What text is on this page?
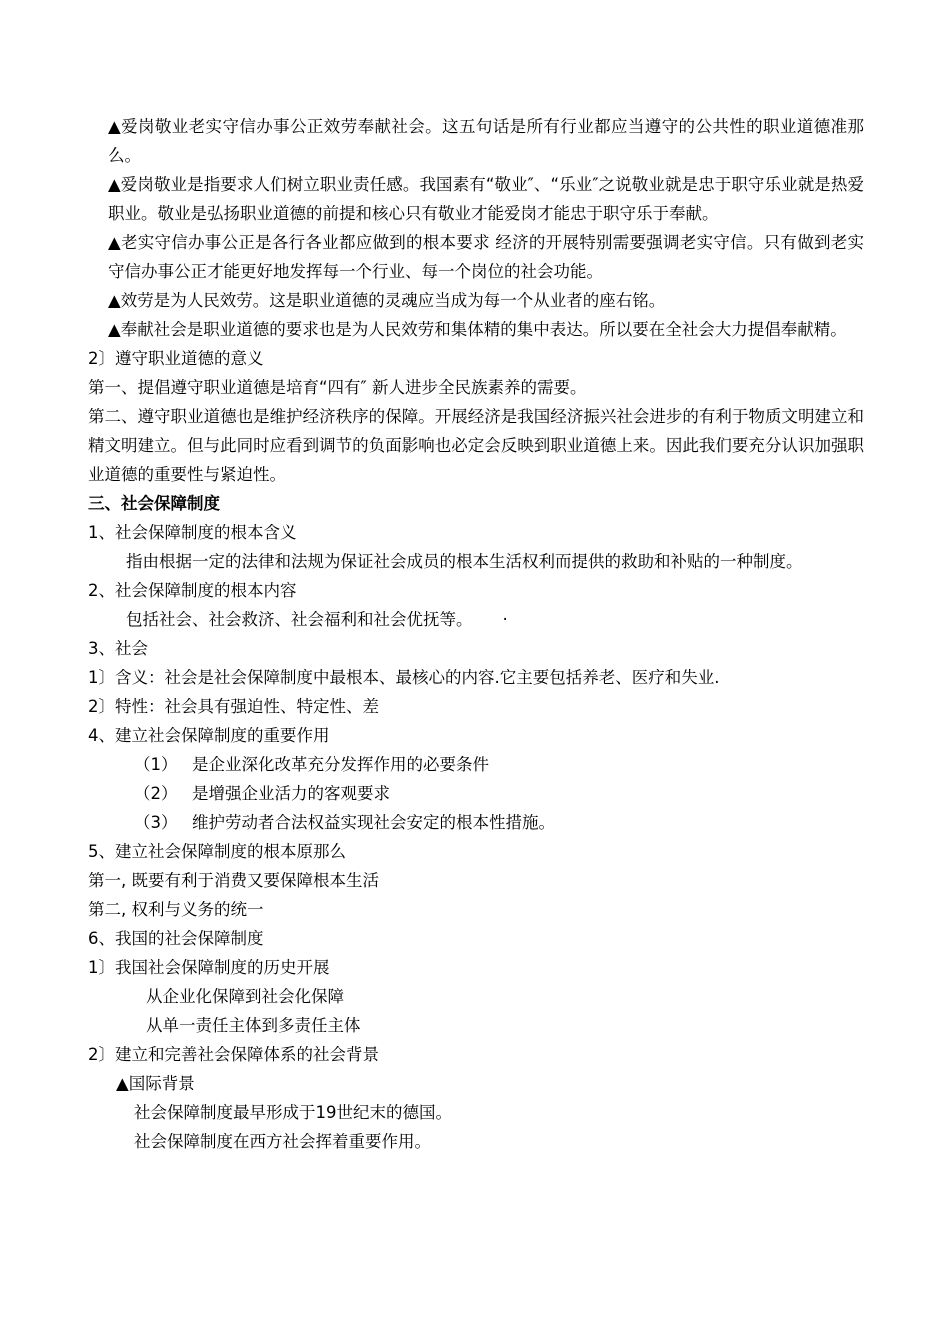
▲爱岗敬业老实守信办事公正效劳奉献社会。这五句话是所有行业都应当遵守的公共性的职业道德准那么。
▲爱岗敬业是指要求人们树立职业责任感。我国素有“敬业″、“乐业″之说敬业就是忠于职守乐业就是热爱职业。敬业是弘扬职业道德的前提和核心只有敬业才能爱岗才能忠于职守乐于奉献。
▲老实守信办事公正是各行各业都应做到的根本要求 经济的开展特别需要强调老实守信。只有做到老实守信办事公正才能更好地发挥每一个行业、每一个岗位的社会功能。
▲效劳是为人民效劳。这是职业道德的灵魂应当成为每一个从业者的座右铭。
▲奉献社会是职业道德的要求也是为人民效劳和集体精的集中表达。所以要在全社会大力提倡奉献精。
2〕遵守职业道德的意义
第一、提倡遵守职业道德是培育“四有″ 新人进步全民族素养的需要。
第二、遵守职业道德也是维护经济秩序的保障。开展经济是我国经济振兴社会进步的有利于物质文明建立和精文明建立。但与此同时应看到调节的负面影响也必定会反映到职业道德上来。因此我们要充分认识加强职业道德的重要性与紧迫性。
三、社会保障制度
1、社会保障制度的根本含义
指由根据一定的法律和法规为保证社会成员的根本生活权利而提供的救助和补贴的一种制度。
2、社会保障制度的根本内容
包括社会、社会救济、社会福利和社会优抚等。 ·
3、社会
1〕含义：社会是社会保障制度中最根本、最核心的内容.它主要包括养老、医疗和失业.
2〕特性：社会具有强迫性、特定性、差
4、建立社会保障制度的重要作用
（1） 是企业深化改革充分发挥作用的必要条件
（2） 是增强企业活力的客观要求
（3） 维护劳动者合法权益实现社会安定的根本性措施。
5、建立社会保障制度的根本原那么
第一, 既要有利于消费又要保障根本生活
第二, 权利与义务的统一
6、我国的社会保障制度
1〕我国社会保障制度的历史开展
从企业化保障到社会化保障
从单一责任主体到多责任主体
2〕建立和完善社会保障体系的社会背景
▲国际背景
社会保障制度最早形成于19世纪末的德国。
社会保障制度在西方社会挥着重要作用。
